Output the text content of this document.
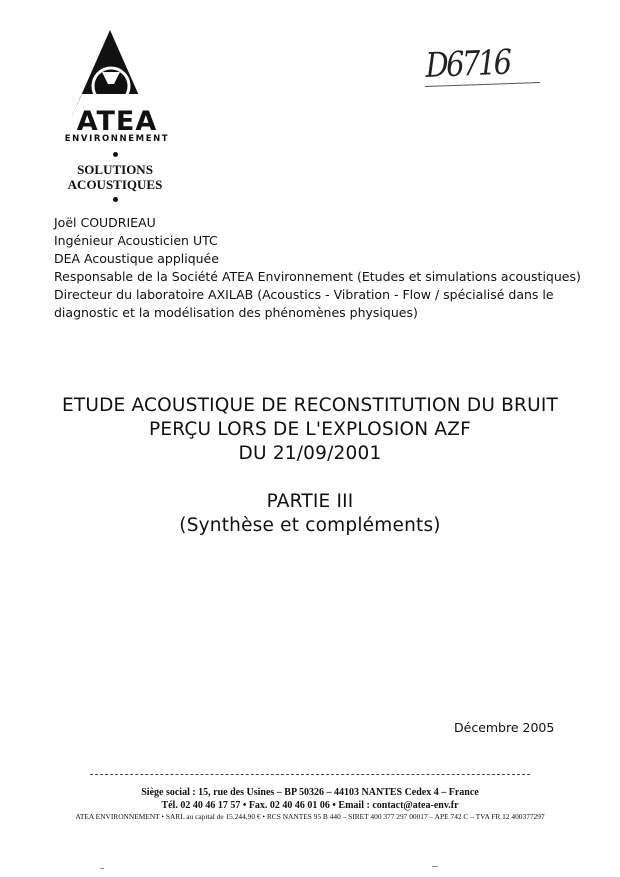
ATEA
ENVIRONNEMENT
SOLUTIONS
ACOUSTIQUES
D6716
Joël COUDRIEAU
Ingénieur Acousticien UTC
DEA Acoustique appliquée
Responsable de la Société ATEA Environnement (Etudes et simulations acoustiques)
Directeur du laboratoire AXILAB (Acoustics - Vibration - Flow / spécialisé dans le
diagnostic et la modélisation des phénomènes physiques)
ETUDE ACOUSTIQUE DE RECONSTITUTION DU BRUIT
PERÇU LORS DE L'EXPLOSION AZF
DU 21/09/2001
PARTIE III
(Synthèse et compléments)
Décembre 2005
Siège social : 15, rue des Usines – BP 50326 – 44103 NANTES Cedex 4 – France
Tél. 02 40 46 17 57 • Fax. 02 40 46 01 06 • Email : contact@atea-env.fr
ATEA ENVIRONNEMENT • SARL au capital de 15.244,90 € • RCS NANTES 95 B 440 – SIRET 400 377 297 00017 – APE 742 C – TVA FR 12 400377297
